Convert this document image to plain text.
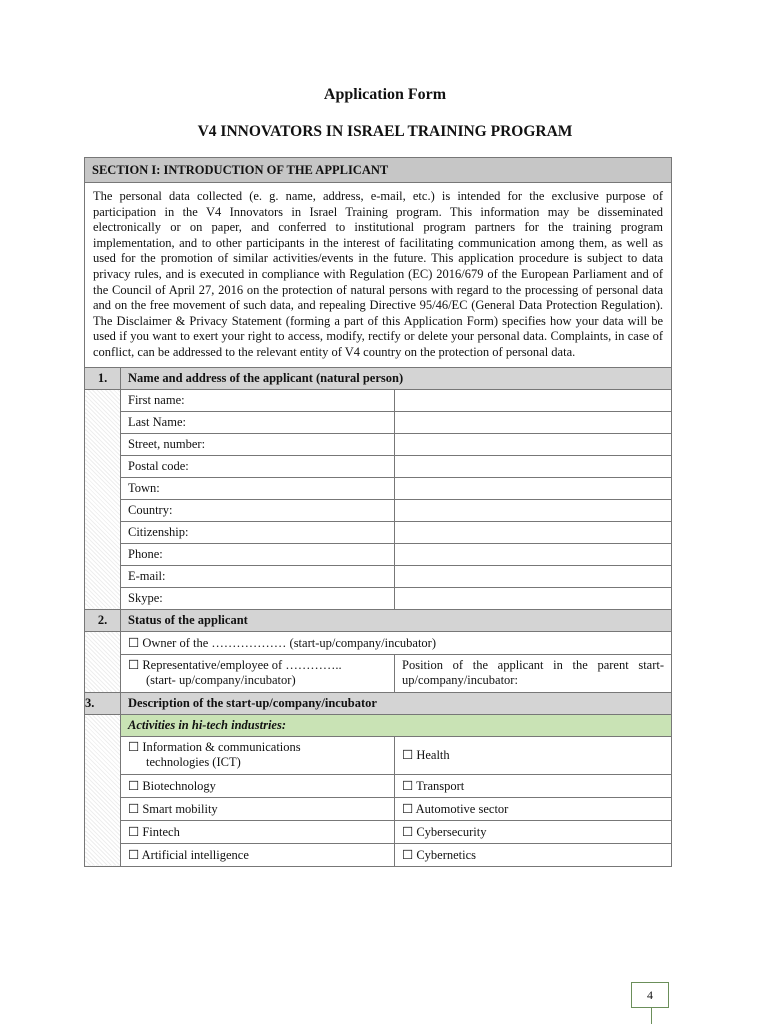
Application Form
V4 INNOVATORS IN ISRAEL TRAINING PROGRAM
SECTION I: INTRODUCTION OF THE APPLICANT		
The personal data collected (e. g. name, address, e-mail, etc.) is intended for the exclusive purpose of participation in the V4 Innovators in Israel Training program. This information may be disseminated electronically or on paper, and conferred to institutional program partners for the training program implementation, and to other participants in the interest of facilitating communication among them, as well as used for the promotion of similar activities/events in the future. This application procedure is subject to data privacy rules, and is executed in compliance with Regulation (EC) 2016/679 of the European Parliament and of the Council of April 27, 2016 on the protection of natural persons with regard to the processing of personal data and on the free movement of such data, and repealing Directive 95/46/EC (General Data Protection Regulation). The Disclaimer & Privacy Statement (forming a part of this Application Form) specifies how your data will be used if you want to exert your right to access, modify, rectify or delete your personal data. Complaints, in case of conflict, can be addressed to the relevant entity of V4 country on the protection of personal data.		
1.	Name and address of the applicant (natural person)	
	First name:	
	Last Name:	
	Street, number:	
	Postal code:	
	Town:	
	Country:	
	Citizenship:	
	Phone:	
	E-mail:	
	Skype:	
2.	Status of the applicant	
	☐ Owner of the ……………… (start-up/company/incubator)	
	☐ Representative/employee of …………..
(start- up/company/incubator)	Position of the applicant in the parent start-up/company/incubator:
3.	Description of the start-up/company/incubator	
	Activities in hi-tech industries:	
	☐ Information & communications
technologies (ICT)	☐ Health
	☐ Biotechnology	☐ Transport
	☐ Smart mobility	☐ Automotive sector
	☐ Fintech	☐ Cybersecurity
	☐ Artificial intelligence	☐ Cybernetics
4
